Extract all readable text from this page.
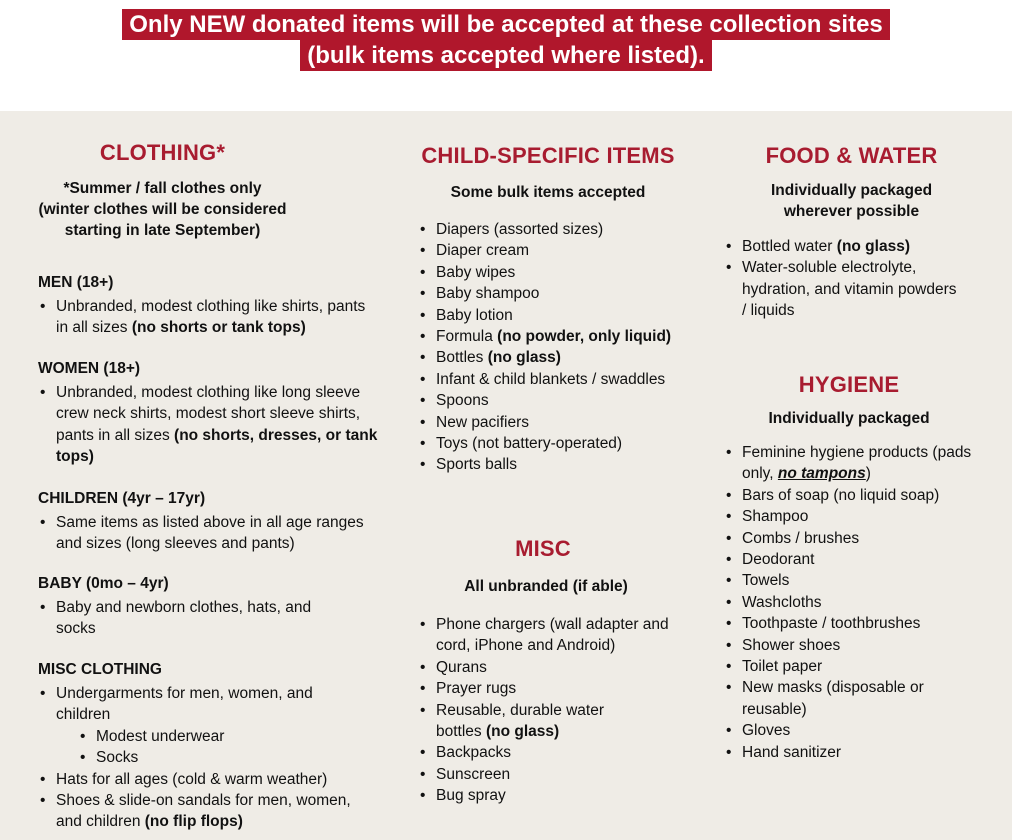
Only NEW donated items will be accepted at these collection sites
(bulk items accepted where listed).
CLOTHING*
*Summer / fall clothes only
(winter clothes will be considered
starting in late September)
MEN (18+)
• Unbranded, modest clothing like shirts, pants in all sizes (no shorts or tank tops)
WOMEN (18+)
• Unbranded, modest clothing like long sleeve crew neck shirts, modest short sleeve shirts, pants in all sizes (no shorts, dresses, or tank tops)
CHILDREN (4yr – 17yr)
• Same items as listed above in all age ranges and sizes (long sleeves and pants)
BABY (0mo – 4yr)
• Baby and newborn clothes, hats, and socks
MISC CLOTHING
• Undergarments for men, women, and children
• Modest underwear
• Socks
• Hats for all ages (cold & warm weather)
• Shoes & slide-on sandals for men, women, and children (no flip flops)
CHILD-SPECIFIC ITEMS
Some bulk items accepted
• Diapers (assorted sizes)
• Diaper cream
• Baby wipes
• Baby shampoo
• Baby lotion
• Formula (no powder, only liquid)
• Bottles (no glass)
• Infant & child blankets / swaddles
• Spoons
• New pacifiers
• Toys (not battery-operated)
• Sports balls
MISC
All unbranded (if able)
• Phone chargers (wall adapter and cord, iPhone and Android)
• Qurans
• Prayer rugs
• Reusable, durable water bottles (no glass)
• Backpacks
• Sunscreen
• Bug spray
FOOD & WATER
Individually packaged
wherever possible
• Bottled water (no glass)
• Water-soluble electrolyte, hydration, and vitamin powders / liquids
HYGIENE
Individually packaged
• Feminine hygiene products (pads only, no tampons)
• Bars of soap (no liquid soap)
• Shampoo
• Combs / brushes
• Deodorant
• Towels
• Washcloths
• Toothpaste / toothbrushes
• Shower shoes
• Toilet paper
• New masks (disposable or reusable)
• Gloves
• Hand sanitizer
